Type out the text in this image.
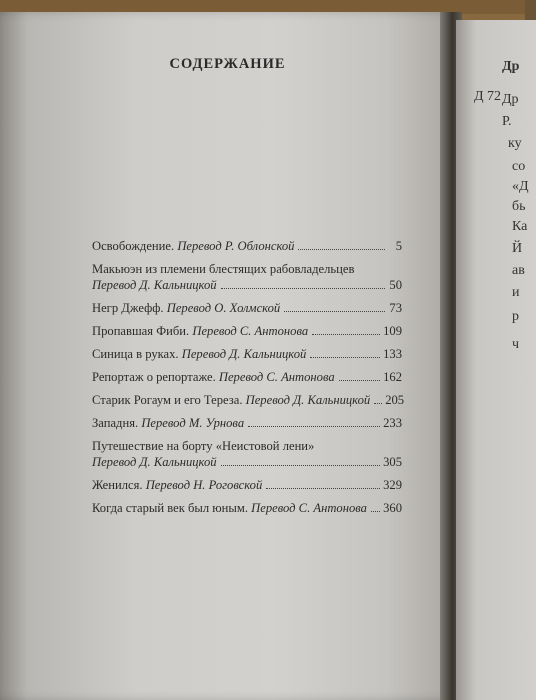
СОДЕРЖАНИЕ
Освобождение.
Перевод Р. Облонской	5
Макьюэн из племени блестящих рабовладельцев
Перевод Д. Кальницкой	50
Негр Джефф.
Перевод О. Холмской	73
Пропавшая Фиби.
Перевод С. Антонова	109
Синица в руках.
Перевод Д. Кальницкой	133
Репортаж о репортаже.
Перевод С. Антонова	162
Старик Рогаум и его Тереза.
Перевод Д. Кальницкой 205
Западня.
Перевод М. Урнова	233
Путешествие на борту «Неистовой лени»
Перевод Д. Кальницкой	305
Женился.
Перевод Н. Роговской	329
Когда старый век был юным.
Перевод С. Антонова 360
Др
Д 72 Др
Р.
ку
со
«Д
бь
Ка
Й
ав
и
р
ч
